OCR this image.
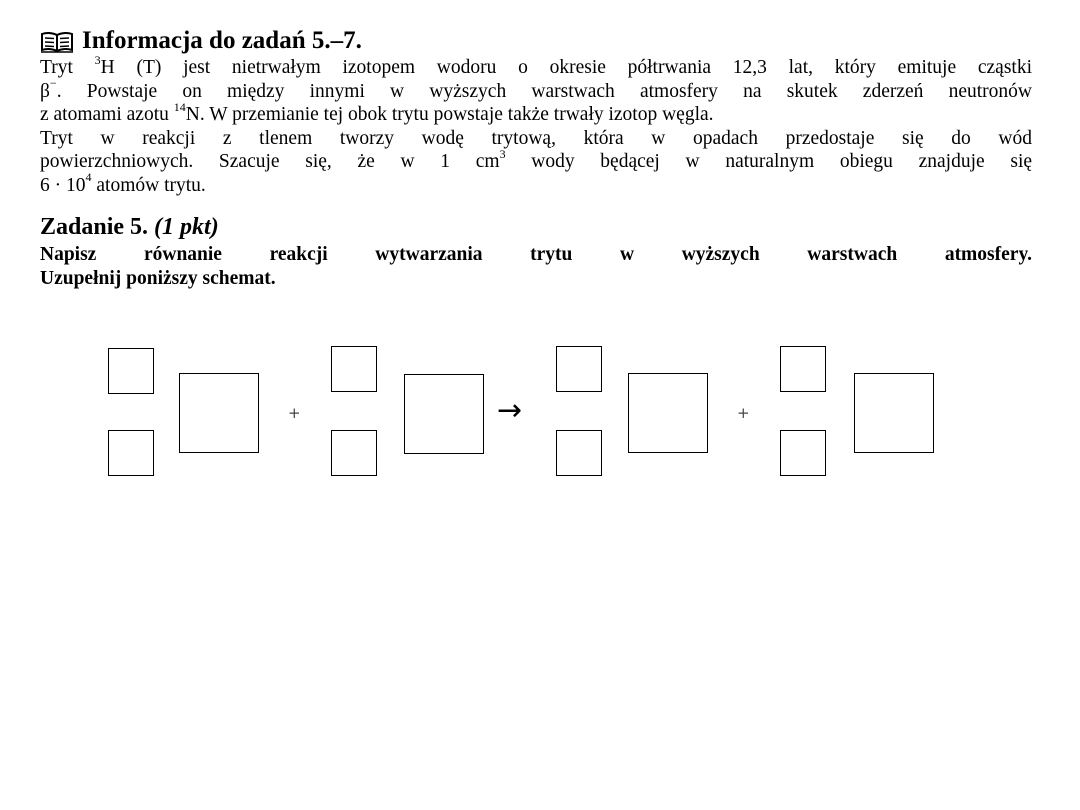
Informacja do zadań 5.–7.

Tryt $^3$H (T) jest nietrwałym izotopem wodoru o okresie półtrwania 12,3 lat, który emituje cząstki
β−. Powstaje on między innymi w wyższych warstwach atmosfery na skutek zderzeń neutronów
z atomami azotu $^{14}$N. W przemianie tej obok trytu powstaje także trwały izotop węgla.

Tryt w reakcji z tlenem tworzy wodę trytową, która w opadach przedostaje się do wód
powierzchniowych. Szacuje się, że w 1 $cm^3$ wody będącej w naturalnym obiegu znajduje się
$6 \cdot 10^4$ atomów trytu.

Zadanie 5. (1 pkt)

Napisz równanie reakcji wytwarzania trytu w wyższych warstwach atmosfery.
Uzupełnij poniższy schemat.

+	→	+
